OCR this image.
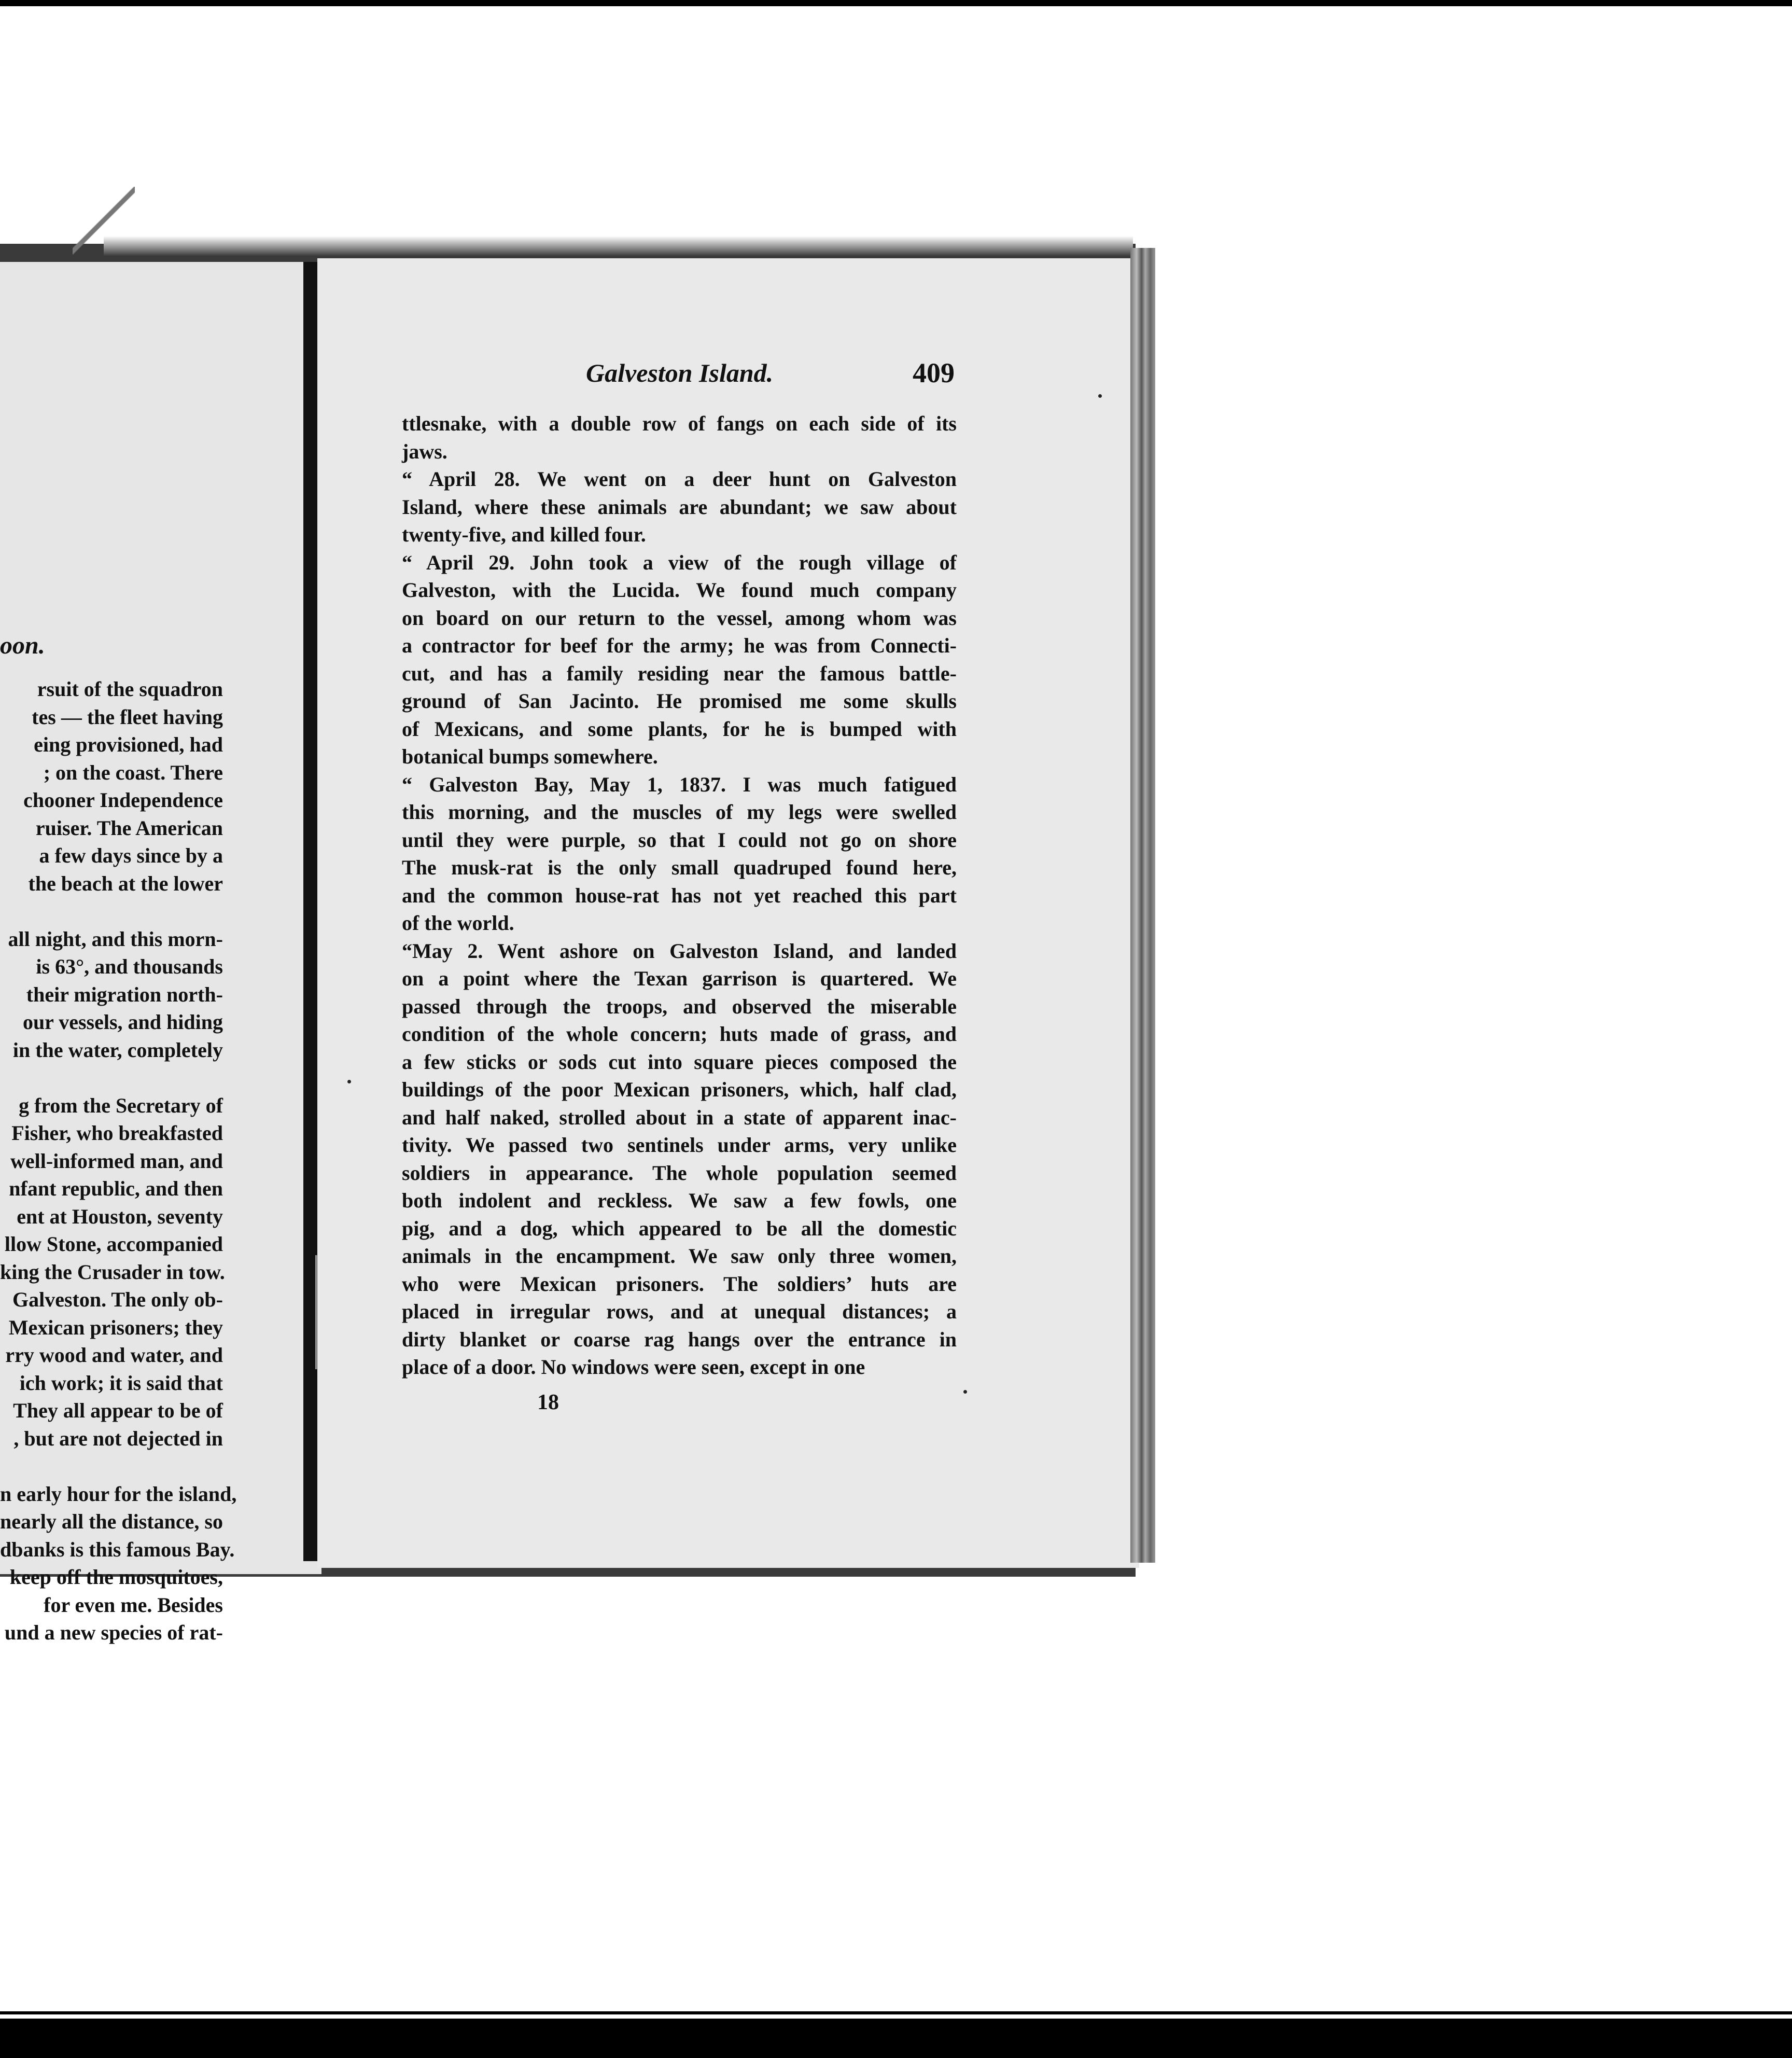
oon.
rsuit of the squadron
tes — the fleet having
eing provisioned, had
; on the coast. There
chooner Independence
ruiser. The American
a few days since by a
the beach at the lower
all night, and this morn-
is 63°, and thousands
their migration north-
our vessels, and hiding
in the water, completely
g from the Secretary of
Fisher, who breakfasted
well-informed man, and
nfant republic, and then
ent at Houston, seventy
llow Stone, accompanied
king the Crusader in tow.
Galveston. The only ob-
Mexican prisoners; they
rry wood and water, and
ich work; it is said that
They all appear to be of
, but are not dejected in
n early hour for the island,
nearly all the distance, so
dbanks is this famous Bay.
keep off the mosquitoes,
for even me. Besides
und a new species of rat-
Galveston Island.	409
ttlesnake, with a double row of fangs on each side of its
jaws.
“ April 28. We went on a deer hunt on Galveston
Island, where these animals are abundant; we saw about
twenty-five, and killed four.
“ April 29. John took a view of the rough village of
Galveston, with the Lucida. We found much company
on board on our return to the vessel, among whom was
a contractor for beef for the army; he was from Connecti-
cut, and has a family residing near the famous battle-
ground of San Jacinto. He promised me some skulls
of Mexicans, and some plants, for he is bumped with
botanical bumps somewhere.
“ Galveston Bay, May 1, 1837. I was much fatigued
this morning, and the muscles of my legs were swelled
until they were purple, so that I could not go on shore
The musk-rat is the only small quadruped found here,
and the common house-rat has not yet reached this part
of the world.
“May 2. Went ashore on Galveston Island, and landed
on a point where the Texan garrison is quartered. We
passed through the troops, and observed the miserable
condition of the whole concern; huts made of grass, and
a few sticks or sods cut into square pieces composed the
buildings of the poor Mexican prisoners, which, half clad,
and half naked, strolled about in a state of apparent inac-
tivity. We passed two sentinels under arms, very unlike
soldiers in appearance. The whole population seemed
both indolent and reckless. We saw a few fowls, one
pig, and a dog, which appeared to be all the domestic
animals in the encampment. We saw only three women,
who were Mexican prisoners. The soldiers’ huts are
placed in irregular rows, and at unequal distances; a
dirty blanket or coarse rag hangs over the entrance in
place of a door. No windows were seen, except in one
18
